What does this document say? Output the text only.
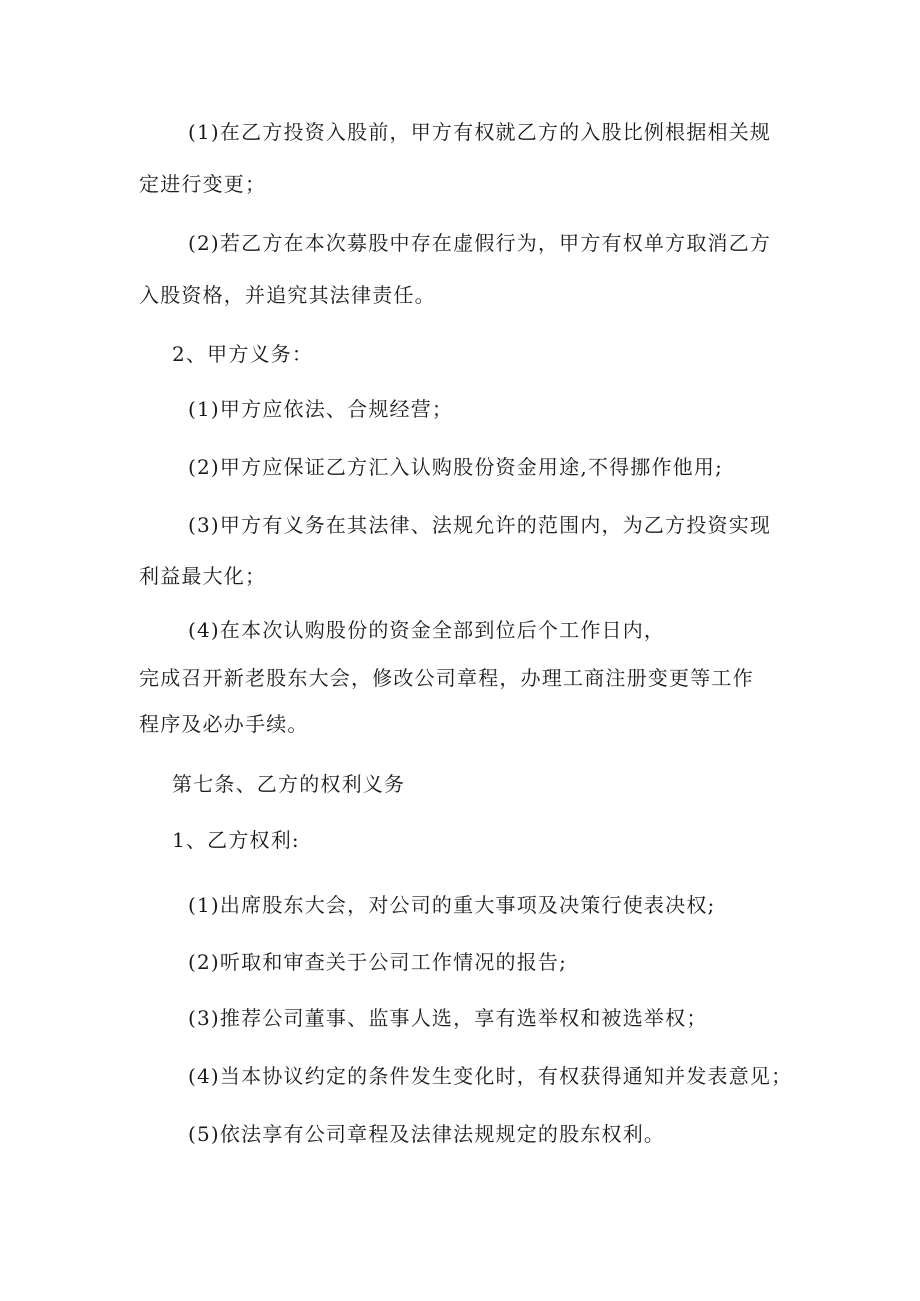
(1)在乙方投资入股前，甲方有权就乙方的入股比例根据相关规
定进行变更；
(2)若乙方在本次募股中存在虚假行为，甲方有权单方取消乙方
入股资格，并追究其法律责任。
2、甲方义务：
(1)甲方应依法、合规经营；
(2)甲方应保证乙方汇入认购股份资金用途,不得挪作他用;
(3)甲方有义务在其法律、法规允许的范围内，为乙方投资实现
利益最大化；
(4)在本次认购股份的资金全部到位后个工作日内，
完成召开新老股东大会，修改公司章程，办理工商注册变更等工作
程序及必办手续。
第七条、乙方的权利义务
1、乙方权利:
(1)出席股东大会，对公司的重大事项及决策行使表决权;
(2)听取和审查关于公司工作情况的报告;
(3)推荐公司董事、监事人选，享有选举权和被选举权；
(4)当本协议约定的条件发生变化时，有权获得通知并发表意见；
(5)依法享有公司章程及法律法规规定的股东权利。
